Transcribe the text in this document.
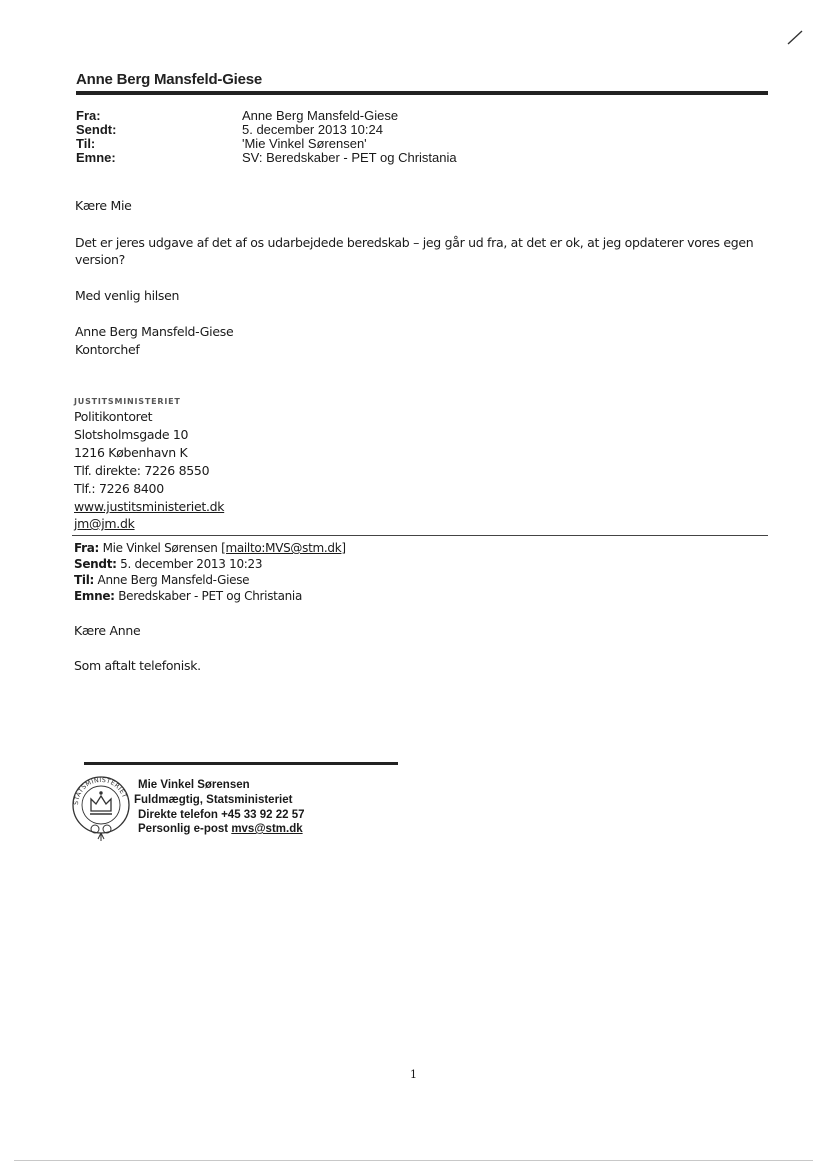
Anne Berg Mansfeld-Giese
Fra:	Anne Berg Mansfeld-Giese
Sendt:	5. december 2013 10:24
Til:	'Mie Vinkel Sørensen'
Emne:	SV: Beredskaber - PET og Christania
Kære Mie
Det er jeres udgave af det af os udarbejdede beredskab – jeg går ud fra, at det er ok, at jeg opdaterer vores egen
version?
Med venlig hilsen
Anne Berg Mansfeld-Giese
Kontorchef
JUSTITSMINISTERIET
Politikontoret
Slotsholmsgade 10
1216 København K
Tlf. direkte: 7226 8550
Tlf.: 7226 8400
www.justitsministeriet.dk
jm@jm.dk
Fra: Mie Vinkel Sørensen [mailto:MVS@stm.dk]
Sendt: 5. december 2013 10:23
Til: Anne Berg Mansfeld-Giese
Emne: Beredskaber - PET og Christania
Kære Anne
Som aftalt telefonisk.
STATSMINISTERIET
Mie Vinkel Sørensen
Fuldmægtig, Statsministeriet
Direkte telefon +45 33 92 22 57
Personlig e-post mvs@stm.dk
1
